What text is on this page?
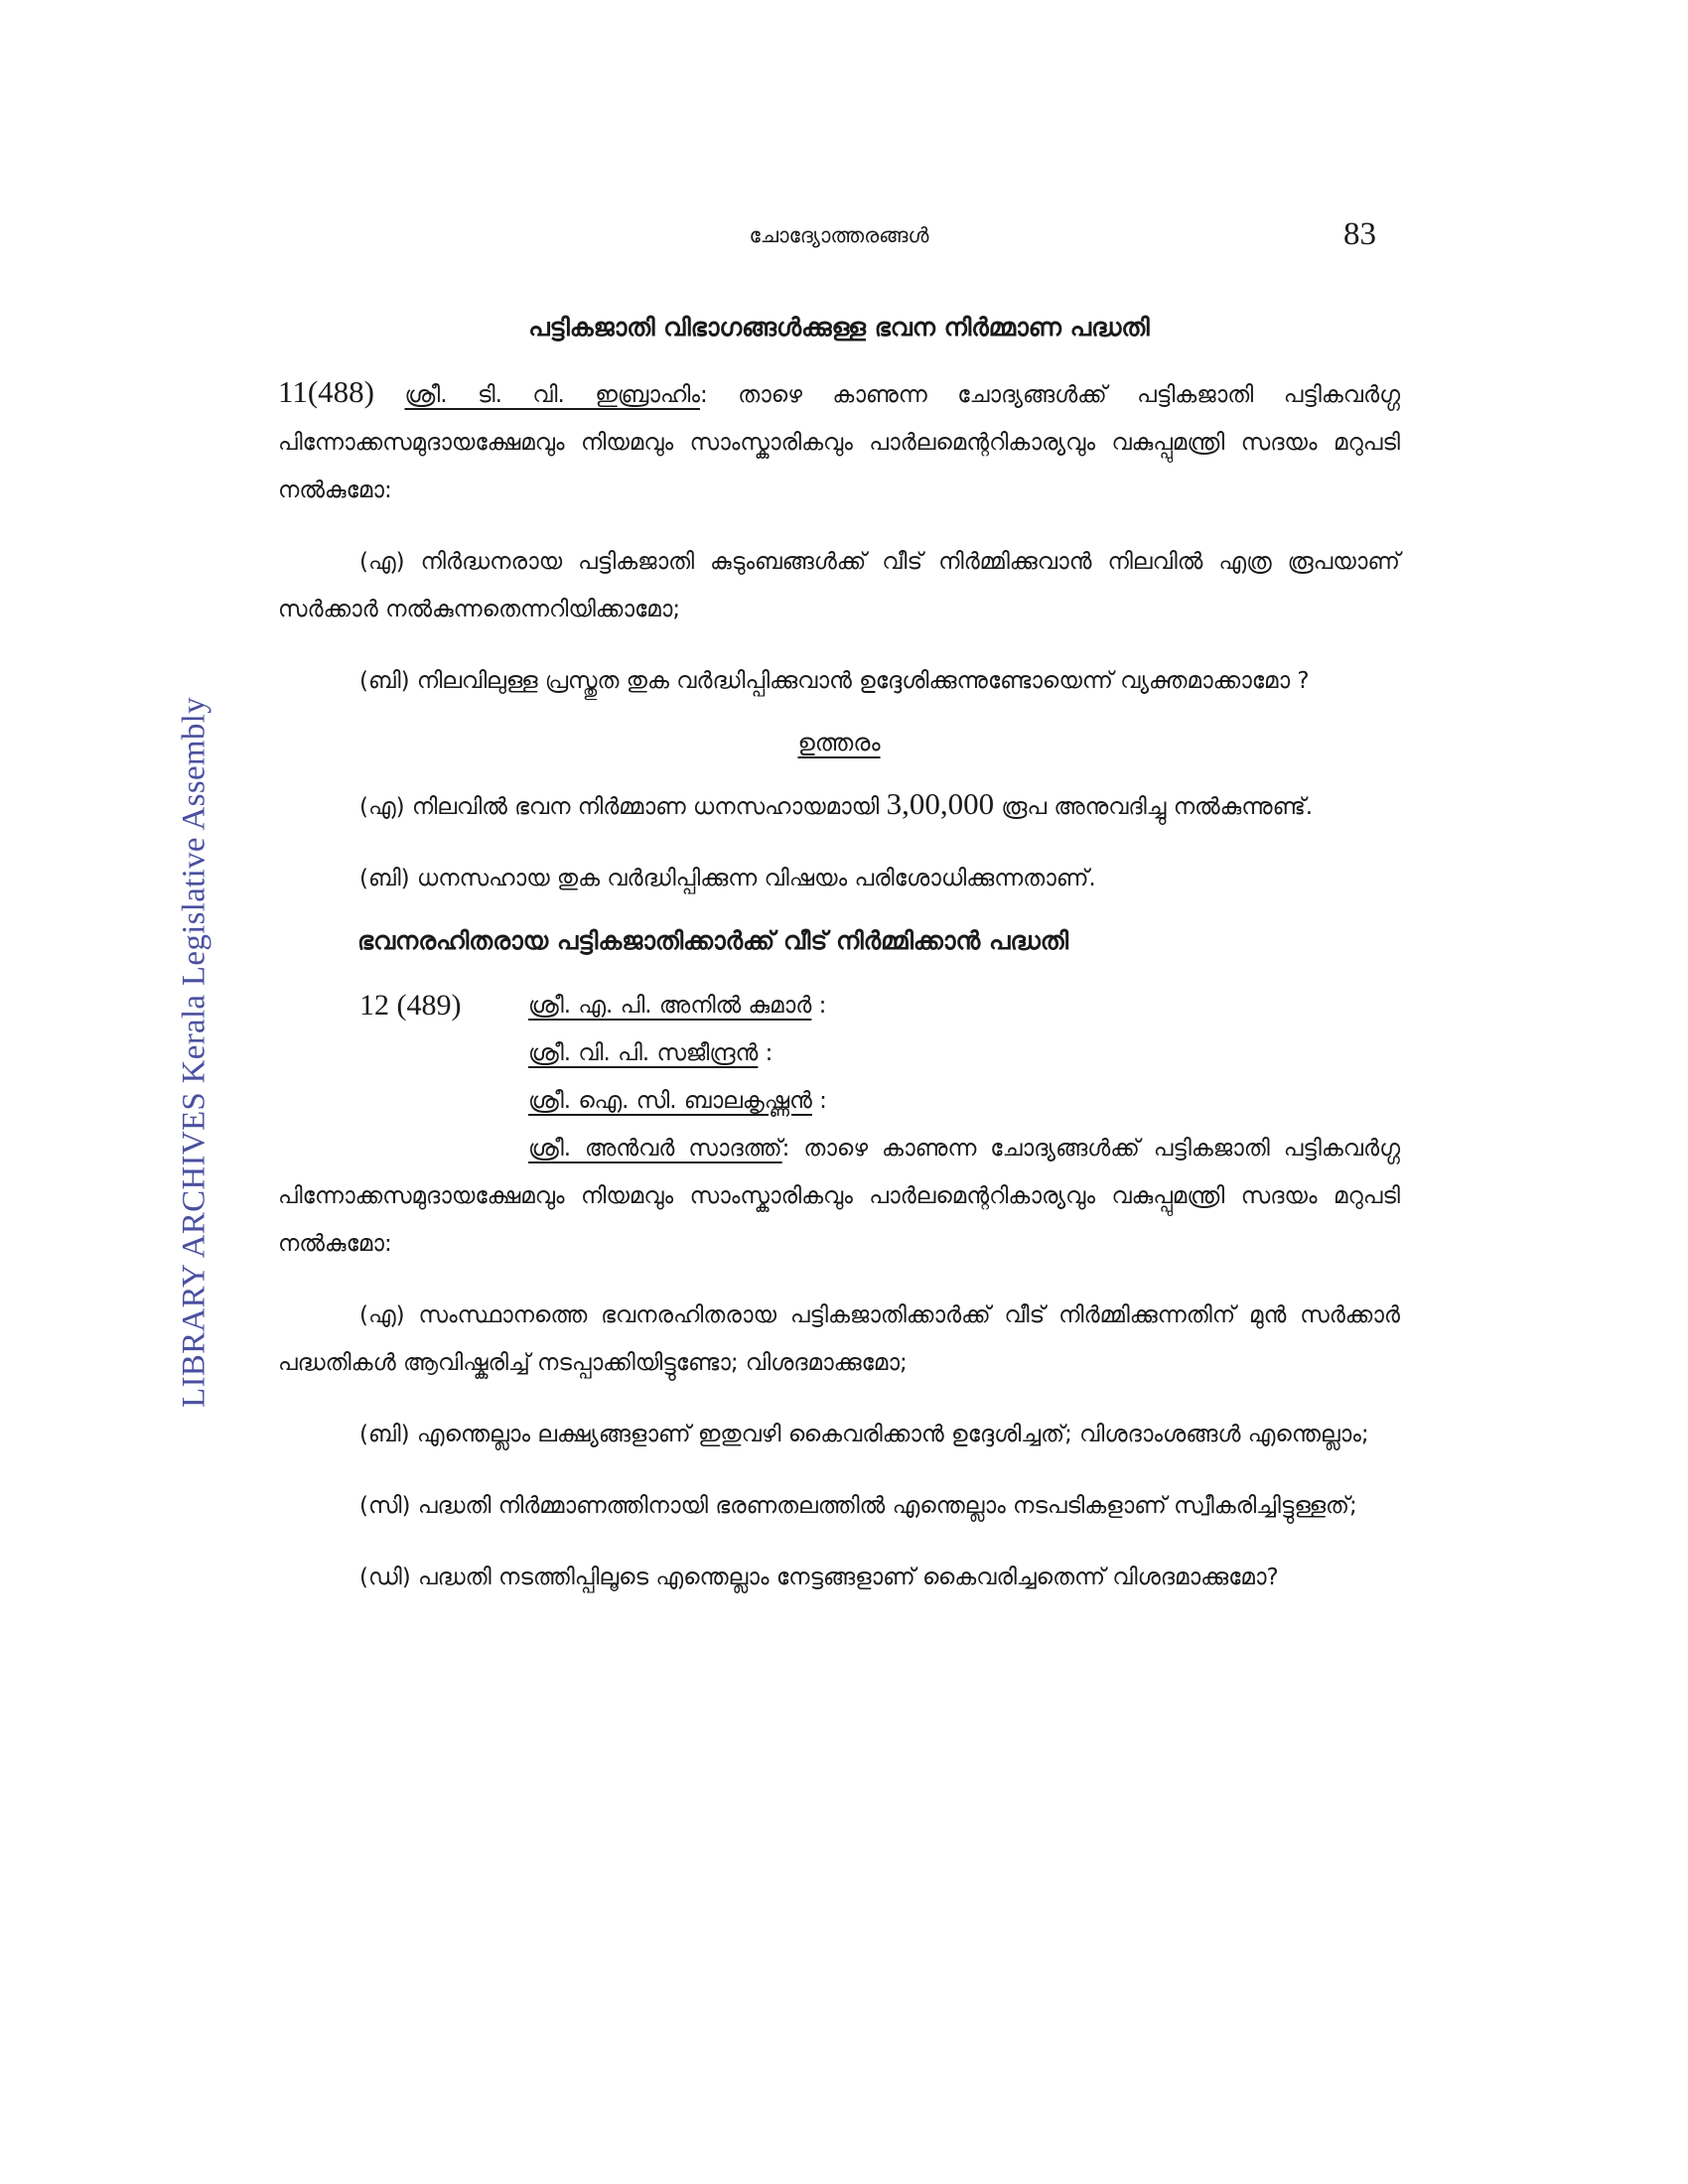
LIBRARY ARCHIVES Kerala Legislative Assembly
ചോദ്യോത്തരങ്ങൾ	83
പട്ടികജാതി വിഭാഗങ്ങൾക്കുള്ള ഭവന നിർമ്മാണ പദ്ധതി

11(488) ശ്രീ. ടി. വി. ഇബ്രാഹിം: താഴെ കാണുന്ന ചോദ്യങ്ങൾക്ക് പട്ടികജാതി പട്ടികവർഗ്ഗ പിന്നോക്കസമുദായക്ഷേമവും നിയമവും സാംസ്കാരികവും പാർലമെന്ററികാര്യവും വകുപ്പുമന്ത്രി സദയം മറുപടി നൽകുമോ:

(എ) നിർദ്ധനരായ പട്ടികജാതി കുടുംബങ്ങൾക്ക് വീട് നിർമ്മിക്കുവാൻ നിലവിൽ എത്ര രൂപയാണ് സർക്കാർ നൽകുന്നതെന്നറിയിക്കാമോ;

(ബി) നിലവിലുള്ള പ്രസ്തുത തുക വർദ്ധിപ്പിക്കുവാൻ ഉദ്ദേശിക്കുന്നുണ്ടോയെന്ന് വ്യക്തമാക്കാമോ ?

ഉത്തരം

(എ) നിലവിൽ ഭവന നിർമ്മാണ ധനസഹായമായി 3,00,000 രൂപ അനുവദിച്ചു നൽകുന്നുണ്ട്.

(ബി) ധനസഹായ തുക വർദ്ധിപ്പിക്കുന്ന വിഷയം പരിശോധിക്കുന്നതാണ്.

ഭവനരഹിതരായ പട്ടികജാതിക്കാർക്ക് വീട് നിർമ്മിക്കാൻ പദ്ധതി
12 (489)	ശ്രീ. എ. പി. അനിൽ കുമാർ :
ശ്രീ. വി. പി. സജീന്ദ്രൻ :
ശ്രീ. ഐ. സി. ബാലകൃഷ്ണൻ :

ശ്രീ. അൻവർ സാദത്ത്: താഴെ കാണുന്ന ചോദ്യങ്ങൾക്ക് പട്ടികജാതി പട്ടികവർഗ്ഗ പിന്നോക്കസമുദായക്ഷേമവും നിയമവും സാംസ്കാരികവും പാർലമെന്ററികാര്യവും വകുപ്പുമന്ത്രി സദയം മറുപടി നൽകുമോ:

(എ) സംസ്ഥാനത്തെ ഭവനരഹിതരായ പട്ടികജാതിക്കാർക്ക് വീട് നിർമ്മിക്കുന്നതിന് മുൻ സർക്കാർ പദ്ധതികൾ ആവിഷ്കരിച്ച് നടപ്പാക്കിയിട്ടുണ്ടോ; വിശദമാക്കുമോ;

(ബി) എന്തെല്ലാം ലക്ഷ്യങ്ങളാണ് ഇതുവഴി കൈവരിക്കാൻ ഉദ്ദേശിച്ചത്; വിശദാംശങ്ങൾ എന്തെല്ലാം;

(സി) പദ്ധതി നിർമ്മാണത്തിനായി ഭരണതലത്തിൽ എന്തെല്ലാം നടപടികളാണ് സ്വീകരിച്ചിട്ടുള്ളത്;

(ഡി) പദ്ധതി നടത്തിപ്പിലൂടെ എന്തെല്ലാം നേട്ടങ്ങളാണ് കൈവരിച്ചതെന്ന് വിശദമാക്കുമോ?
